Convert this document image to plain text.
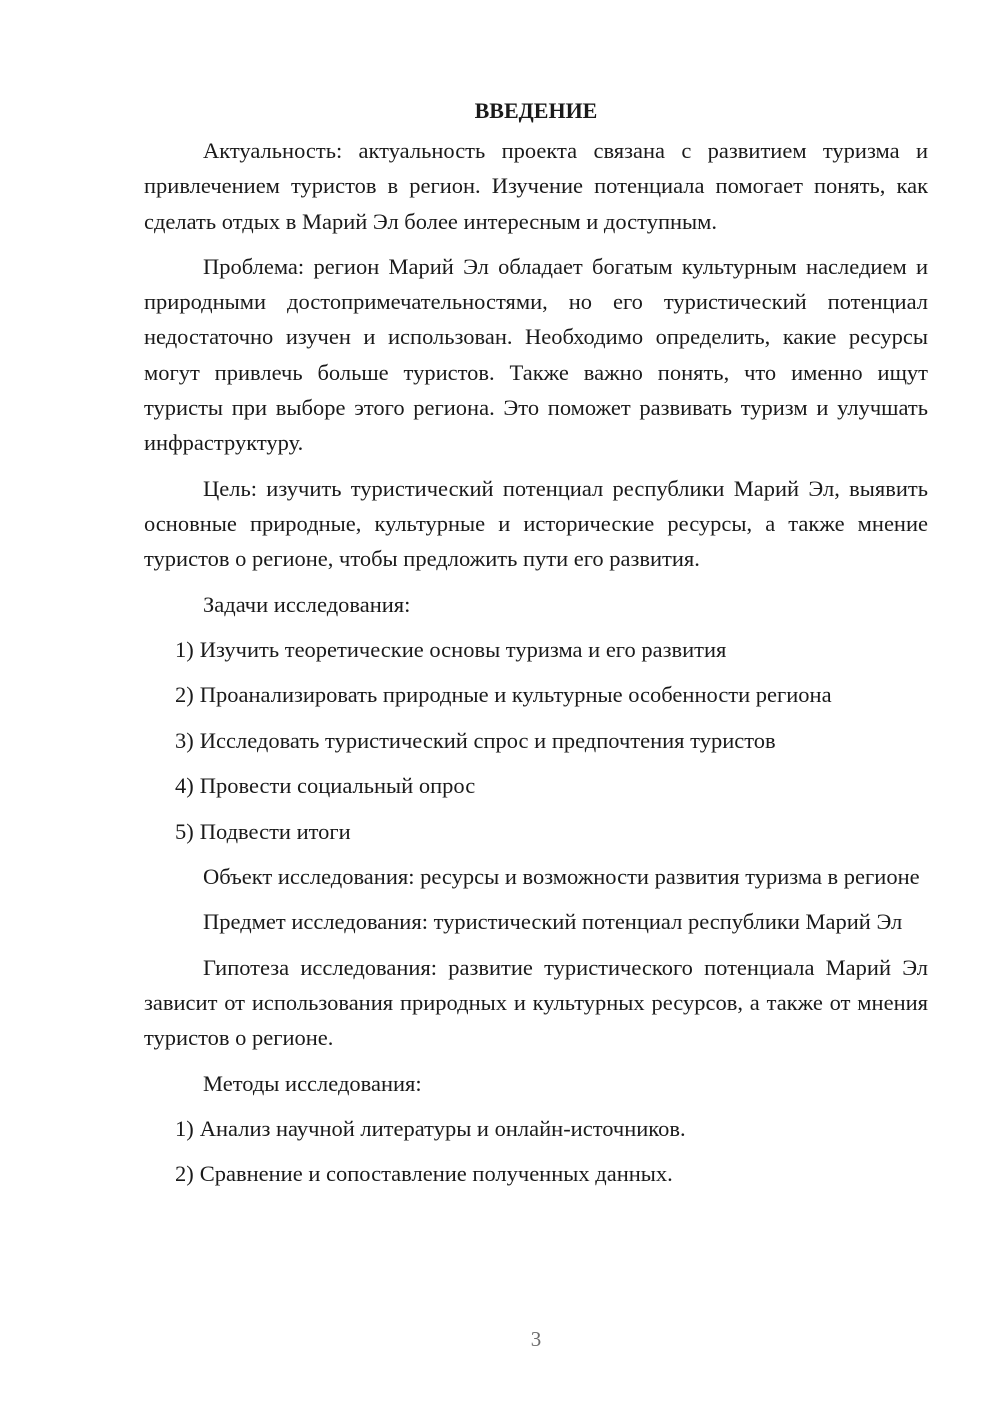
ВВЕДЕНИЕ

Актуальность: актуальность проекта связана с развитием туризма и привлечением туристов в регион. Изучение потенциала помогает понять, как сделать отдых в Марий Эл более интересным и доступным.

Проблема: регион Марий Эл обладает богатым культурным наследием и природными достопримечательностями, но его туристический потенциал недостаточно изучен и использован. Необходимо определить, какие ресурсы могут привлечь больше туристов. Также важно понять, что именно ищут туристы при выборе этого региона. Это поможет развивать туризм и улучшать инфраструктуру.

Цель: изучить туристический потенциал республики Марий Эл, выявить основные природные, культурные и исторические ресурсы, а также мнение туристов о регионе, чтобы предложить пути его развития.

Задачи исследования:

1) Изучить теоретические основы туризма и его развития
2) Проанализировать природные и культурные особенности региона
3) Исследовать туристический спрос и предпочтения туристов
4) Провести социальный опрос
5) Подвести итоги

Объект исследования: ресурсы и возможности развития туризма в регионе

Предмет исследования: туристический потенциал республики Марий Эл

Гипотеза исследования: развитие туристического потенциала Марий Эл зависит от использования природных и культурных ресурсов, а также от мнения туристов о регионе.

Методы исследования:

1) Анализ научной литературы и онлайн-источников.
2) Сравнение и сопоставление полученных данных.
3
